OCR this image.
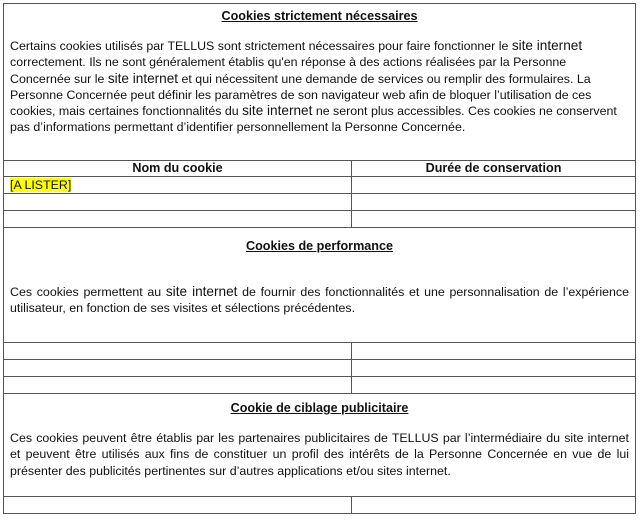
Cookies strictement nécessaires

Certains cookies utilisés par TELLUS sont strictement nécessaires pour faire fonctionner le site internet correctement. Ils ne sont généralement établis qu'en réponse à des actions réalisées par la Personne Concernée sur le site internet et qui nécessitent une demande de services ou remplir des formulaires. La Personne Concernée peut définir les paramètres de son navigateur web afin de bloquer l’utilisation de ces cookies, mais certaines fonctionnalités du site internet ne seront plus accessibles. Ces cookies ne conservent pas d’informations permettant d’identifier personnellement la Personne Concernée.	

Nom du cookie	Durée de conservation
[A LISTER]	

Cookies de performance

Ces cookies permettent au site internet de fournir des fonctionnalités et une personnalisation de l’expérience utilisateur, en fonction de ses visites et sélections précédentes.	

Cookie de ciblage publicitaire

Ces cookies peuvent être établis par les partenaires publicitaires de TELLUS par l’intermédiaire du site internet et peuvent être utilisés aux fins de constituer un profil des intérêts de la Personne Concernée en vue de lui présenter des publicités pertinentes sur d’autres applications et/ou sites internet.	
